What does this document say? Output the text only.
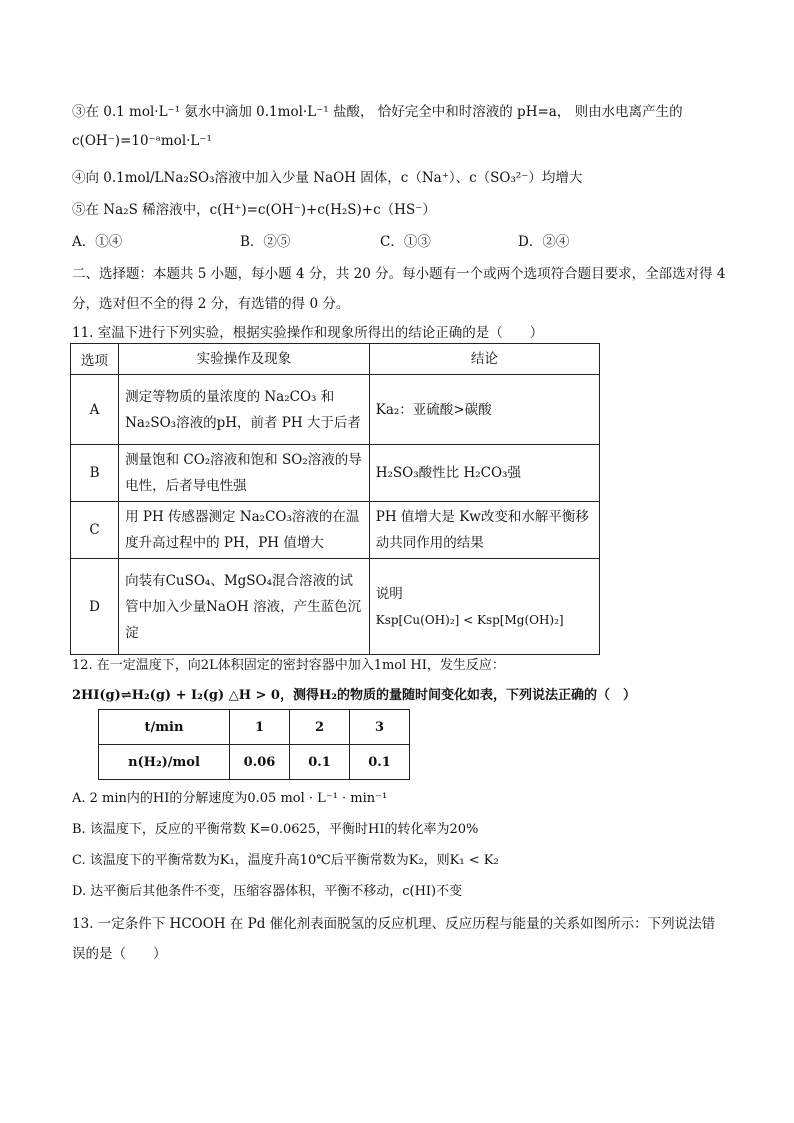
③在 0.1 mol·L⁻¹ 氨水中滴加 0.1mol·L⁻¹ 盐酸， 恰好完全中和时溶液的 pH=a， 则由水电离产生的
c(OH⁻)=10⁻ᵃmol·L⁻¹
④向 0.1mol/LNa₂SO₃溶液中加入少量 NaOH 固体，c（Na⁺）、c（SO₃²⁻）均增大
⑤在 Na₂S 稀溶液中，c(H⁺)=c(OH⁻)+c(H₂S)+c（HS⁻）
A．①④	B．②⑤	C．①③	D．②④
二、选择题：本题共 5 小题，每小题 4 分，共 20 分。每小题有一个或两个选项符合题目要求，全部选对得 4
分，选对但不全的得 2 分，有选错的得 0 分。
11. 室温下进行下列实验，根据实验操作和现象所得出的结论正确的是（　　）
选项	实验操作及现象	结论
A	测定等物质的量浓度的 Na₂CO₃ 和 Na₂SO₃溶液的pH，前者 PH 大于后者	Ka₂：亚硫酸>碳酸
B	测量饱和 CO₂溶液和饱和 SO₂溶液的导电性，后者导电性强	H₂SO₃酸性比 H₂CO₃强
C	用 PH 传感器测定 Na₂CO₃溶液的在温度升高过程中的 PH，PH 值增大	PH 值增大是 Kw改变和水解平衡移动共同作用的结果
D	向装有CuSO₄、MgSO₄混合溶液的试管中加入少量NaOH 溶液，产生蓝色沉淀	说明
Ksp[Cu(OH)₂] < Ksp[Mg(OH)₂]
12. 在一定温度下，向2L体积固定的密封容器中加入1mol HI，发生反应：
2HI(g)⇌H₂(g) + I₂(g) △H > 0，测得H₂的物质的量随时间变化如表，下列说法正确的（　）
t/min	1	2	3
n(H₂)/mol	0.06	0.1	0.1
A. 2 min内的HI的分解速度为0.05 mol · L⁻¹ · min⁻¹
B. 该温度下，反应的平衡常数 K=0.0625，平衡时HI的转化率为20%
C. 该温度下的平衡常数为K₁，温度升高10℃后平衡常数为K₂，则K₁ < K₂
D. 达平衡后其他条件不变，压缩容器体积，平衡不移动，c(HI)不变
13. 一定条件下 HCOOH 在 Pd 催化剂表面脱氢的反应机理、反应历程与能量的关系如图所示：下列说法错
误的是（　　）
